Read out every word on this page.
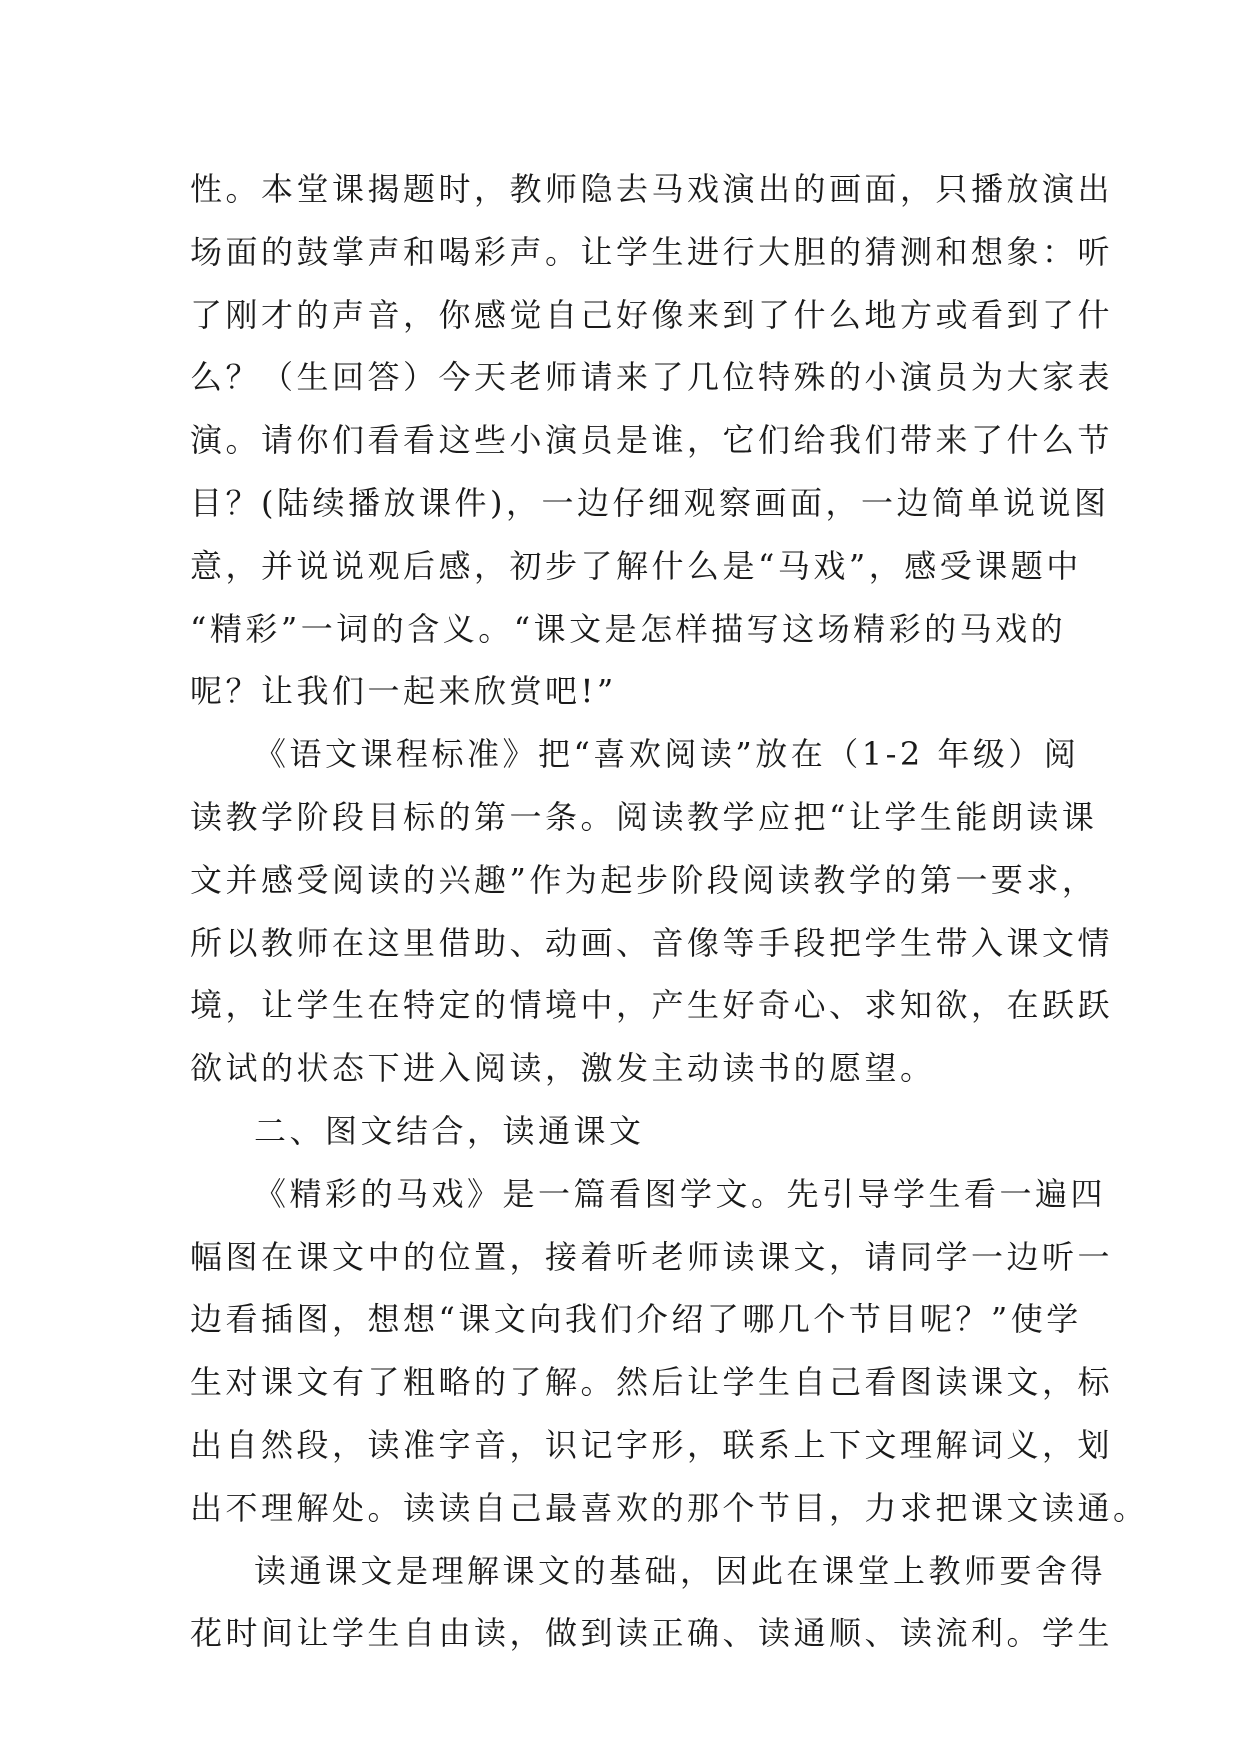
性。本堂课揭题时，教师隐去马戏演出的画面，只播放演出
场面的鼓掌声和喝彩声。让学生进行大胆的猜测和想象：听
了刚才的声音，你感觉自己好像来到了什么地方或看到了什
么？（生回答）今天老师请来了几位特殊的小演员为大家表
演。请你们看看这些小演员是谁，它们给我们带来了什么节
目？(陆续播放课件)，一边仔细观察画面，一边简单说说图
意，并说说观后感，初步了解什么是“马戏”，感受课题中
“精彩”一词的含义。“课文是怎样描写这场精彩的马戏的
呢？让我们一起来欣赏吧!”
《语文课程标准》把“喜欢阅读”放在（1-2 年级）阅
读教学阶段目标的第一条。阅读教学应把“让学生能朗读课
文并感受阅读的兴趣”作为起步阶段阅读教学的第一要求，
所以教师在这里借助、动画、音像等手段把学生带入课文情
境，让学生在特定的情境中，产生好奇心、求知欲，在跃跃
欲试的状态下进入阅读，激发主动读书的愿望。
二、图文结合，读通课文
《精彩的马戏》是一篇看图学文。先引导学生看一遍四
幅图在课文中的位置，接着听老师读课文，请同学一边听一
边看插图，想想“课文向我们介绍了哪几个节目呢？”使学
生对课文有了粗略的了解。然后让学生自己看图读课文，标
出自然段，读准字音，识记字形，联系上下文理解词义，划
出不理解处。读读自己最喜欢的那个节目，力求把课文读通。
读通课文是理解课文的基础，因此在课堂上教师要舍得
花时间让学生自由读，做到读正确、读通顺、读流利。学生
